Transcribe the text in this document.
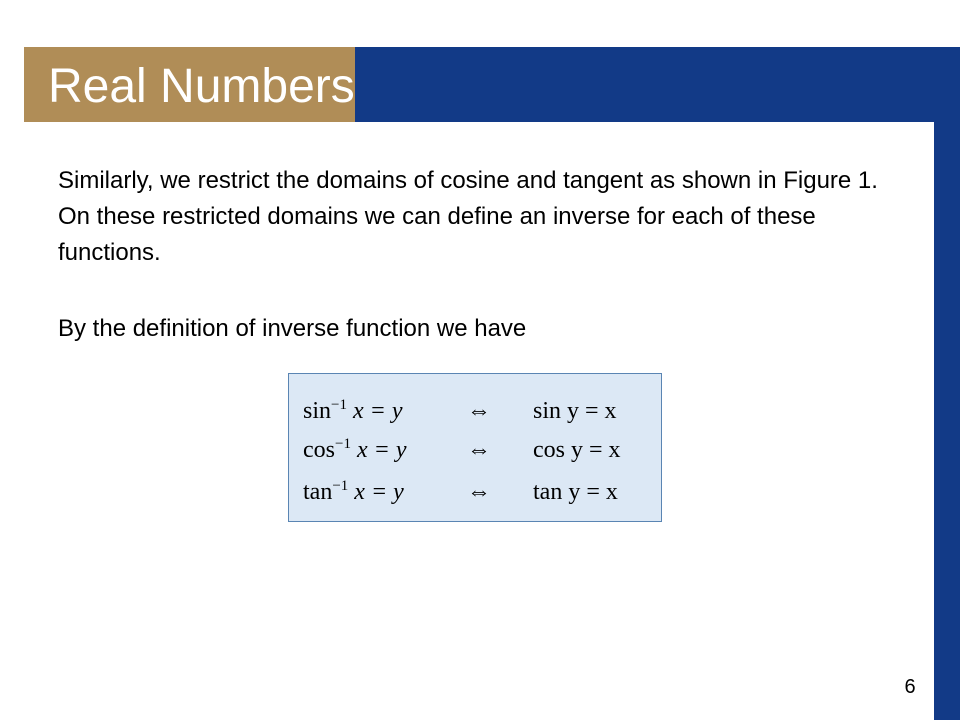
Real Numbers

Similarly, we restrict the domains of cosine and tangent as shown in Figure 1. On these restricted domains we can define an inverse for each of these functions.

By the definition of inverse function we have

$\sin^{-1} x = y$	⇔ sin y = x
$\cos^{-1} x = y$	⇔ cos y = x
$\tan^{-1} x = y$	⇔ tan y = x
6
